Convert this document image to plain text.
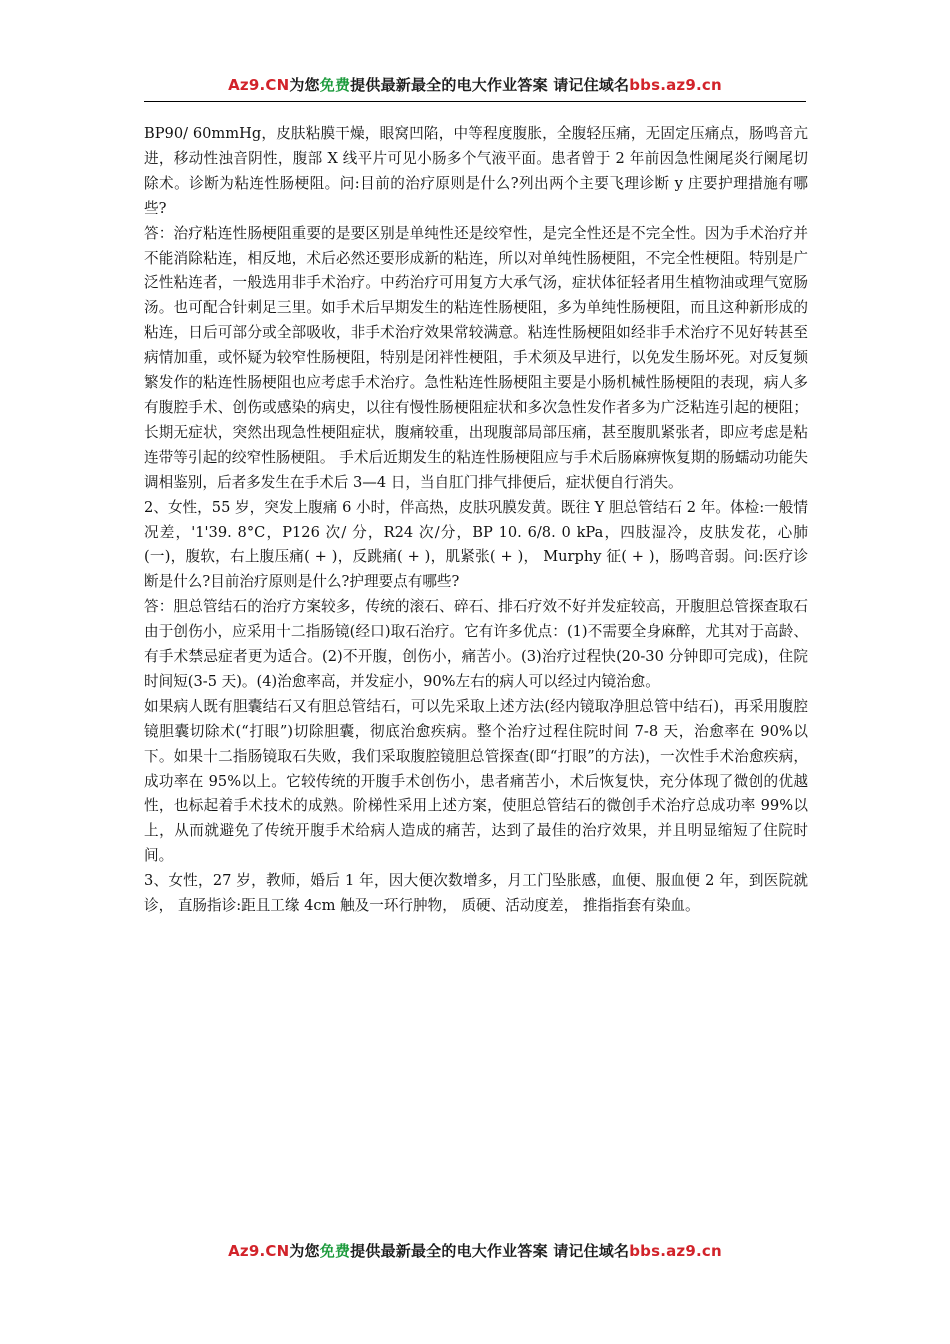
Az9.CN为您免费提供最新最全的电大作业答案 请记住域名bbs.az9.cn

BP90/ 60mmHg，皮肤粘膜干燥，眼窝凹陷，中等程度腹胀，全腹轻压痛，无固定压痛点，肠鸣音亢进，移动性浊音阴性，腹部 X 线平片可见小肠多个气液平面。患者曾于 2 年前因急性阑尾炎行阑尾切除术。诊断为粘连性肠梗阻。问:目前的治疗原则是什么?列出两个主要飞理诊断 y 庄要护理措施有哪些?

答：治疗粘连性肠梗阻重要的是要区别是单纯性还是绞窄性，是完全性还是不完全性。因为手术治疗并不能消除粘连，相反地，术后必然还要形成新的粘连，所以对单纯性肠梗阻，不完全性梗阻。特别是广泛性粘连者，一般选用非手术治疗。中药治疗可用复方大承气汤，症状体征轻者用生植物油或理气宽肠汤。也可配合针刺足三里。如手术后早期发生的粘连性肠梗阻，多为单纯性肠梗阻，而且这种新形成的粘连，日后可部分或全部吸收，非手术治疗效果常较满意。粘连性肠梗阻如经非手术治疗不见好转甚至病情加重，或怀疑为较窄性肠梗阻，特别是闭袢性梗阻，手术须及早进行，以免发生肠坏死。对反复频繁发作的粘连性肠梗阻也应考虑手术治疗。急性粘连性肠梗阻主要是小肠机械性肠梗阻的表现，病人多有腹腔手术、创伤或感染的病史，以往有慢性肠梗阻症状和多次急性发作者多为广泛粘连引起的梗阻；长期无症状，突然出现急性梗阻症状，腹痛较重，出现腹部局部压痛，甚至腹肌紧张者，即应考虑是粘连带等引起的绞窄性肠梗阻。 手术后近期发生的粘连性肠梗阻应与手术后肠麻痹恢复期的肠蠕动功能失调相鉴别，后者多发生在手术后 3—4 日，当自肛门排气排便后，症状便自行消失。

2、女性，55 岁，突发上腹痛 6 小时，伴高热，皮肤巩膜发黄。既往 Y 胆总管结石 2 年。体检:一般情况差，'1'39. 8°C，P126 次/ 分，R24 次/分，BP 10. 6/8. 0 kPa，四肢湿冷，皮肤发花，心肺(一)，腹软，右上腹压痛( + )，反跳痛( + )，肌紧张( + )， Murphy 征( + )，肠鸣音弱。问:医疗诊断是什么?目前治疗原则是什么?护理要点有哪些?

答：胆总管结石的治疗方案较多，传统的滚石、碎石、排石疗效不好并发症较高，开腹胆总管探查取石由于创伤小，应采用十二指肠镜(经口)取石治疗。它有许多优点：(1)不需要全身麻醉，尤其对于高龄、有手术禁忌症者更为适合。(2)不开腹，创伤小，痛苦小。(3)治疗过程快(20-30 分钟即可完成)，住院时间短(3-5 天)。(4)治愈率高，并发症小，90%左右的病人可以经过内镜治愈。

如果病人既有胆囊结石又有胆总管结石，可以先采取上述方法(经内镜取净胆总管中结石)，再采用腹腔镜胆囊切除术(“打眼”)切除胆囊，彻底治愈疾病。整个治疗过程住院时间 7-8 天，治愈率在 90%以下。如果十二指肠镜取石失败，我们采取腹腔镜胆总管探查(即“打眼”的方法)，一次性手术治愈疾病，成功率在 95%以上。它较传统的开腹手术创伤小，患者痛苦小，术后恢复快，充分体现了微创的优越性，也标起着手术技术的成熟。阶梯性采用上述方案，使胆总管结石的微创手术治疗总成功率 99%以上，从而就避免了传统开腹手术给病人造成的痛苦，达到了最佳的治疗效果，并且明显缩短了住院时间。

3、女性，27 岁，教师，婚后 1 年，因大便次数增多，月工门坠胀感，血便、服血便 2 年，到医院就诊， 直肠指诊:距且工缘 4cm 触及一环行肿物， 质硬、活动度差， 推指指套有染血。

Az9.CN为您免费提供最新最全的电大作业答案 请记住域名bbs.az9.cn
